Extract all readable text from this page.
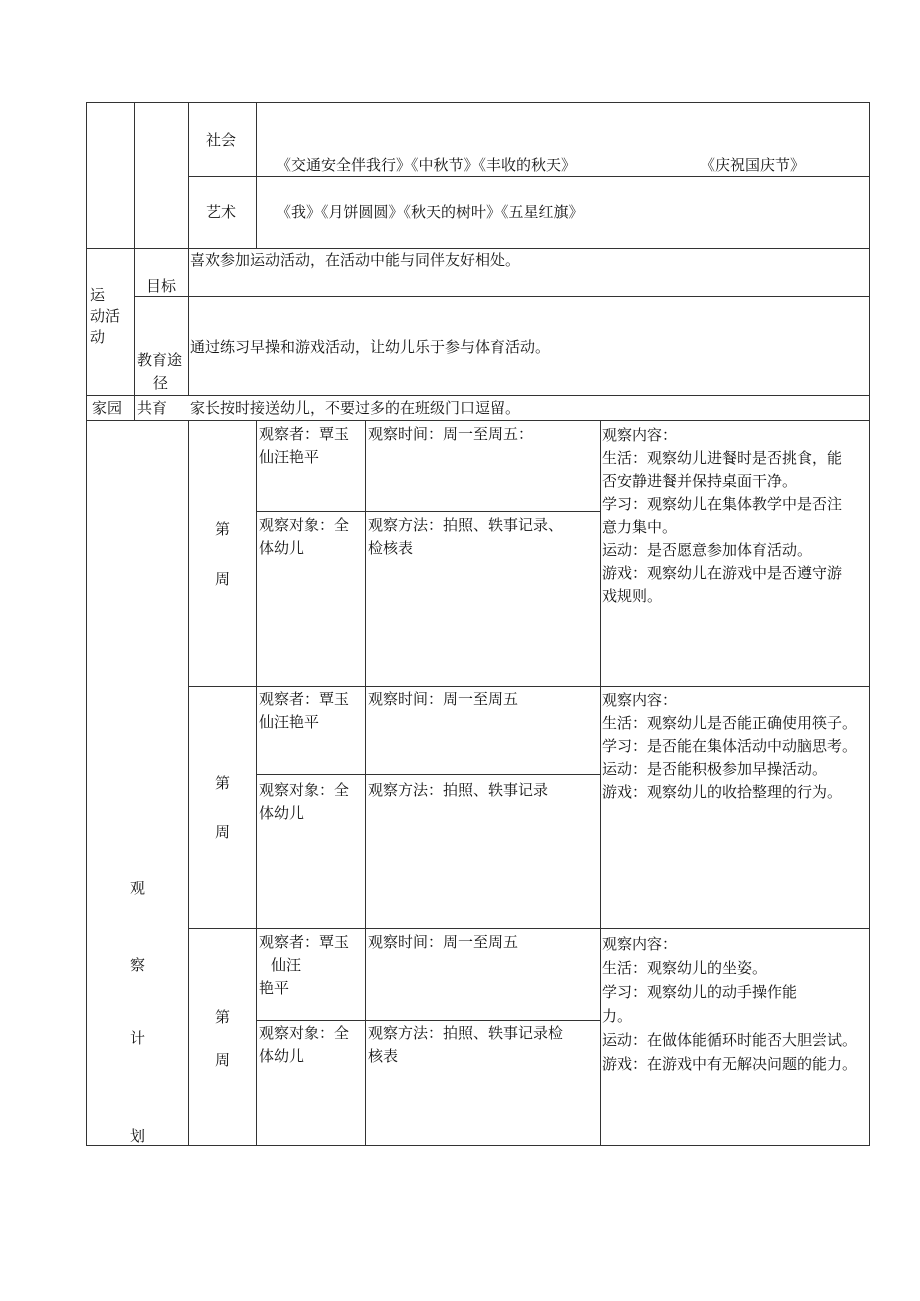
社会
《交通安全伴我行》《中秋节》《丰收的秋天》	《庆祝国庆节》
艺术	《我》《月饼圆圆》《秋天的树叶》《五星红旗》
运
动活
动
目标
喜欢参加运动活动，在活动中能与同伴友好相处。
教育途
径
通过练习早操和游戏活动，让幼儿乐于参与体育活动。
家园 共育 家长按时接送幼儿，不要过多的在班级门口逗留。
观
察
计
划
第
周
观察者：覃玉
仙汪艳平
观察时间：周一至周五：
观察对象：全
体幼儿
观察方法：拍照、轶事记录、
检核表
观察内容：
生活：观察幼儿进餐时是否挑食，能
否安静进餐并保持桌面干净。
学习：观察幼儿在集体教学中是否注
意力集中。
运动：是否愿意参加体育活动。
游戏：观察幼儿在游戏中是否遵守游
戏规则。
第
周
观察者：覃玉
仙汪艳平
观察时间：周一至周五
观察对象：全
体幼儿
观察方法：拍照、轶事记录
观察内容：
生活：观察幼儿是否能正确使用筷子。
学习：是否能在集体活动中动脑思考。
运动：是否能积极参加早操活动。
游戏：观察幼儿的收拾整理的行为。
第
周
观察者：覃玉
仙汪
艳平
观察时间：周一至周五
观察对象：全
体幼儿
观察方法：拍照、轶事记录检
核表
观察内容：
生活：观察幼儿的坐姿。
学习：观察幼儿的动手操作能
力。
运动：在做体能循环时能否大胆尝试。
游戏：在游戏中有无解决问题的能力。
